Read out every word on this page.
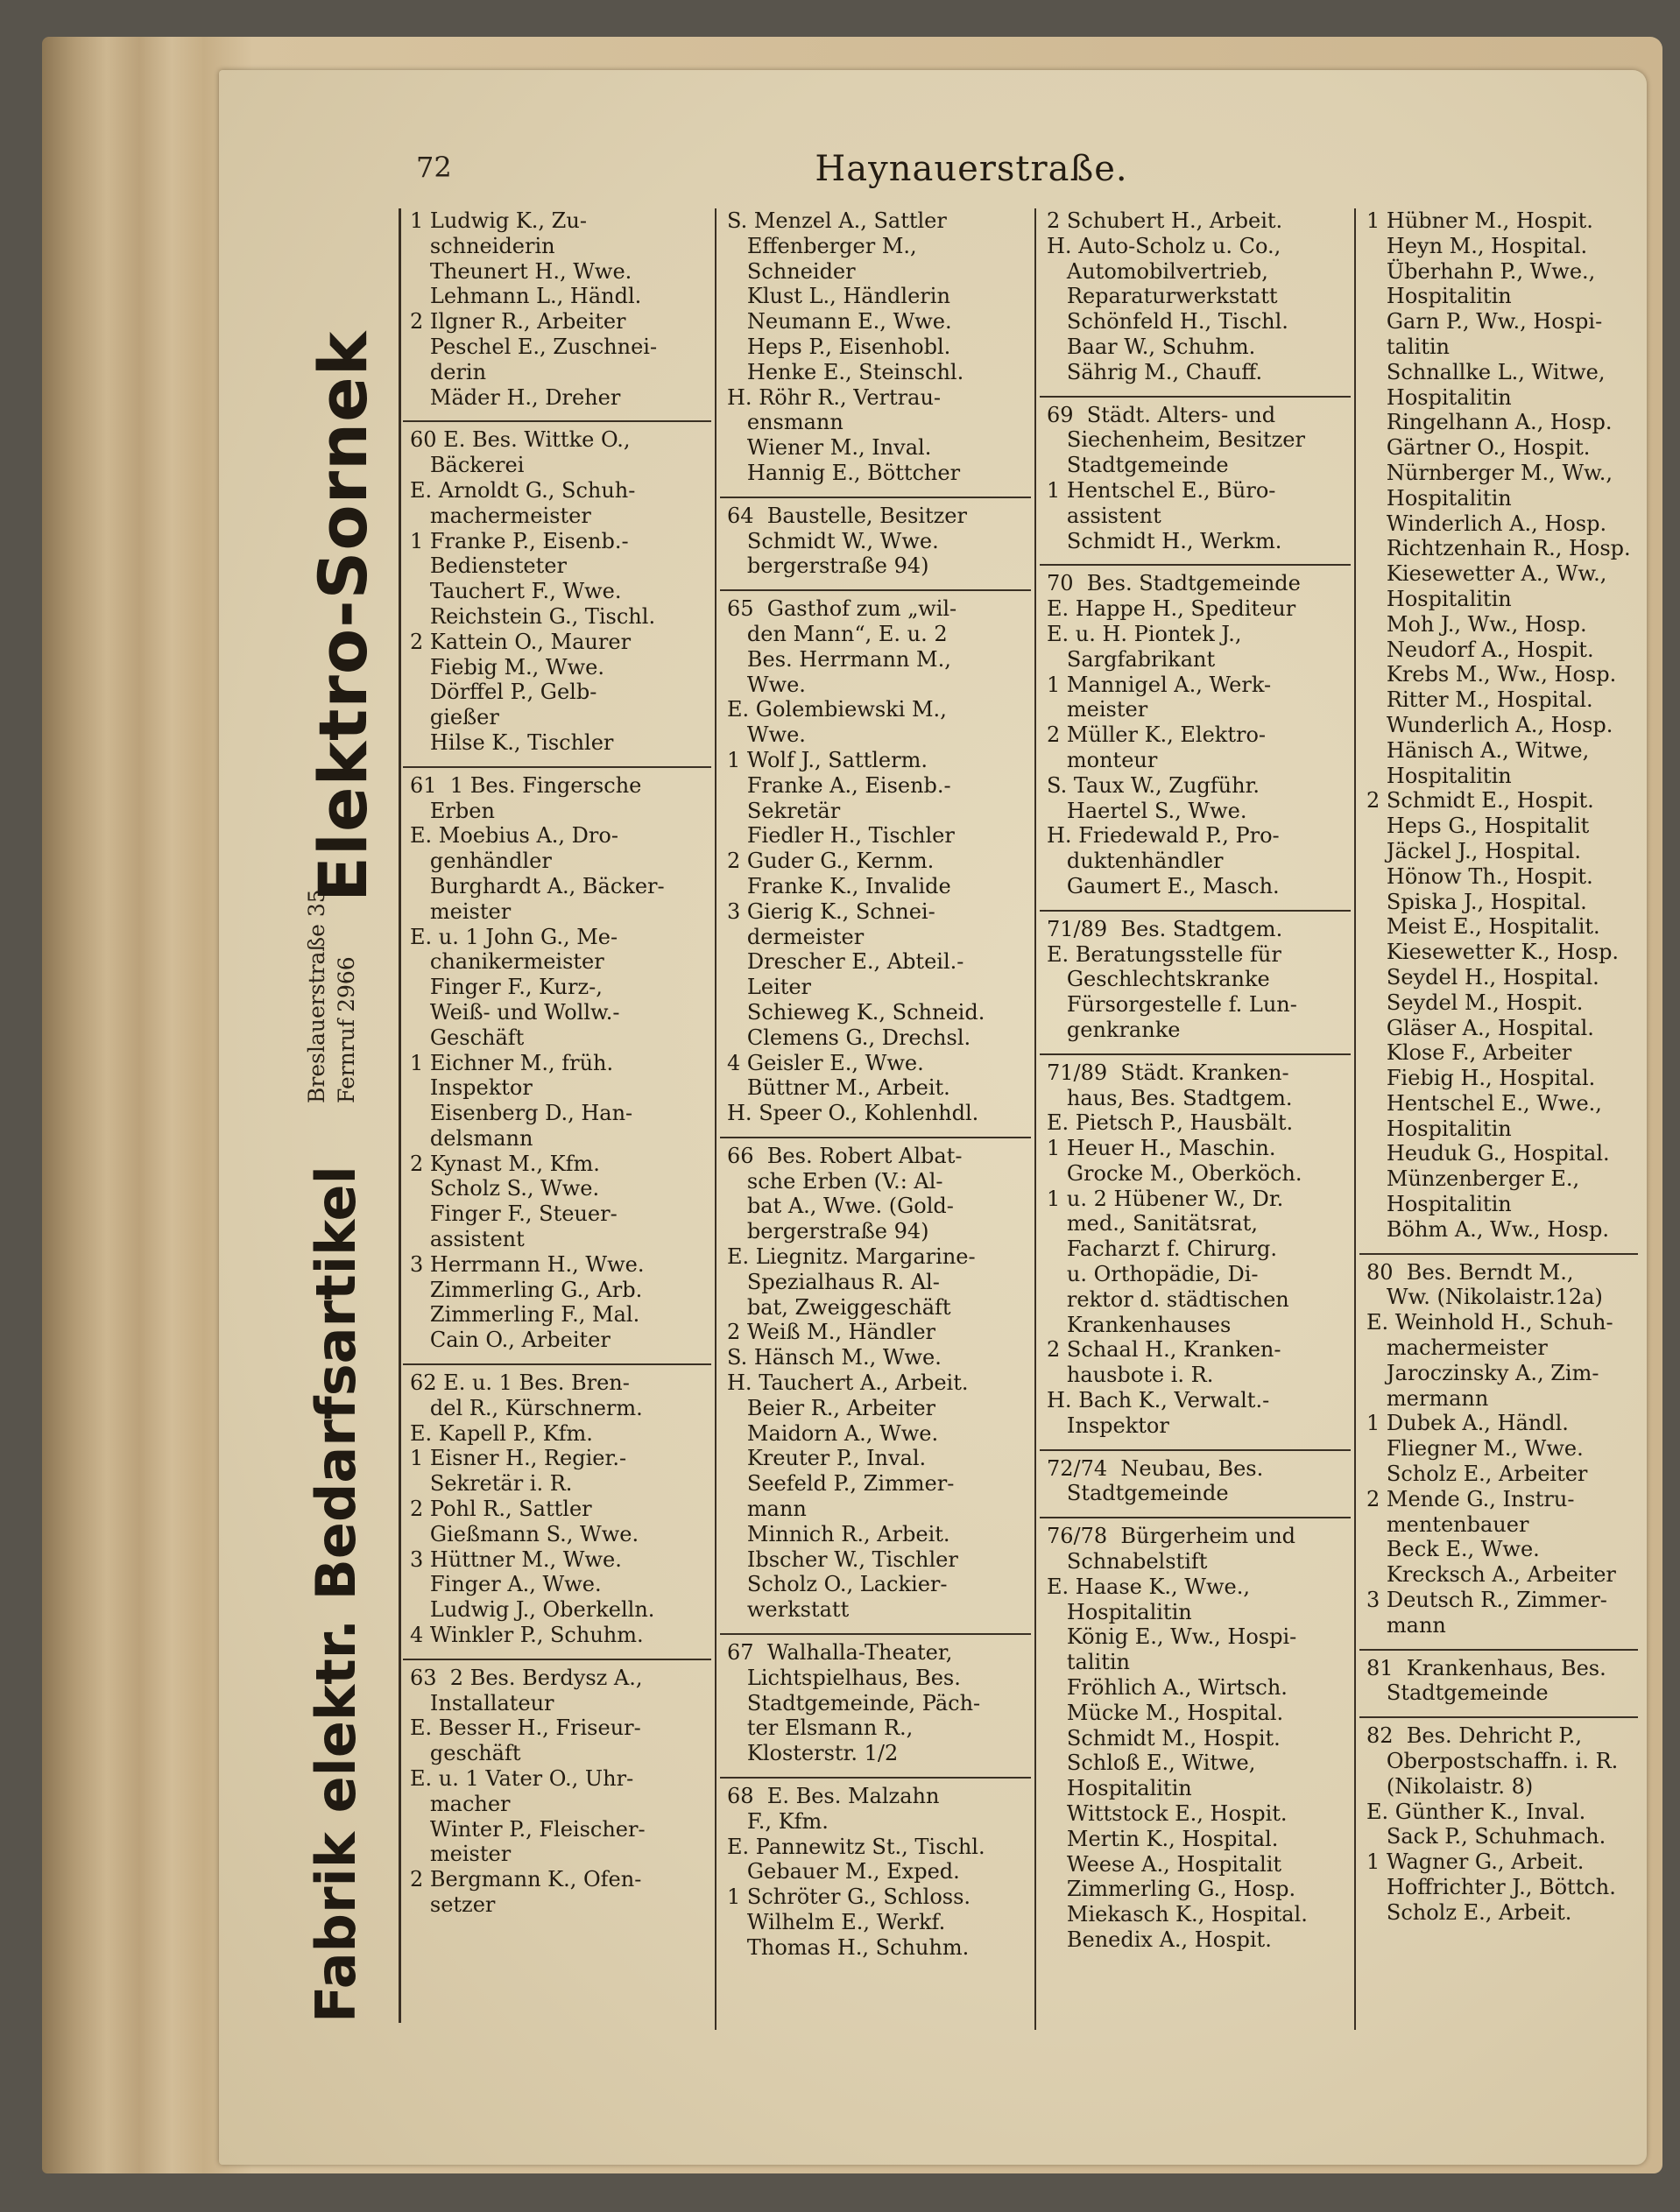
72	Haynauerstraße.
Fabrik elektr. Bedarfsartikel
Breslauerstraße 35 Fernruf 2966
Elektro-Sornek
1 Ludwig K., Zu-
schneiderin
Theunert H., Wwe.
Lehmann L., Händl.
2 Ilgner R., Arbeiter
Peschel E., Zuschnei-
derin
Mäder H., Dreher
60 E. Bes. Wittke O.,
Bäckerei
E. Arnoldt G., Schuh-
machermeister
1 Franke P., Eisenb.-
Bediensteter
Tauchert F., Wwe.
Reichstein G., Tischl.
2 Kattein O., Maurer
Fiebig M., Wwe.
Dörffel P., Gelb-
gießer
Hilse K., Tischler
61  1 Bes. Fingersche
Erben
E. Moebius A., Dro-
genhändler
Burghardt A., Bäcker-
meister
E. u. 1 John G., Me-
chanikermeister
Finger F., Kurz-,
Weiß- und Wollw.-
Geschäft
1 Eichner M., früh.
Inspektor
Eisenberg D., Han-
delsmann
2 Kynast M., Kfm.
Scholz S., Wwe.
Finger F., Steuer-
assistent
3 Herrmann H., Wwe.
Zimmerling G., Arb.
Zimmerling F., Mal.
Cain O., Arbeiter
62 E. u. 1 Bes. Bren-
del R., Kürschnerm.
E. Kapell P., Kfm.
1 Eisner H., Regier.-
Sekretär i. R.
2 Pohl R., Sattler
Gießmann S., Wwe.
3 Hüttner M., Wwe.
Finger A., Wwe.
Ludwig J., Oberkelln.
4 Winkler P., Schuhm.
63  2 Bes. Berdysz A.,
Installateur
E. Besser H., Friseur-
geschäft
E. u. 1 Vater O., Uhr-
macher
Winter P., Fleischer-
meister
2 Bergmann K., Ofen-
setzer
S. Menzel A., Sattler
Effenberger M.,
Schneider
Klust L., Händlerin
Neumann E., Wwe.
Heps P., Eisenhobl.
Henke E., Steinschl.
H. Röhr R., Vertrau-
ensmann
Wiener M., Inval.
Hannig E., Böttcher
64  Baustelle, Besitzer
Schmidt W., Wwe.
bergerstraße 94)
65  Gasthof zum „wil-
den Mann“, E. u. 2
Bes. Herrmann M.,
Wwe.
E. Golembiewski M.,
Wwe.
1 Wolf J., Sattlerm.
Franke A., Eisenb.-
Sekretär
Fiedler H., Tischler
2 Guder G., Kernm.
Franke K., Invalide
3 Gierig K., Schnei-
dermeister
Drescher E., Abteil.-
Leiter
Schieweg K., Schneid.
Clemens G., Drechsl.
4 Geisler E., Wwe.
Büttner M., Arbeit.
H. Speer O., Kohlenhdl.
66  Bes. Robert Albat-
sche Erben (V.: Al-
bat A., Wwe. (Gold-
bergerstraße 94)
E. Liegnitz. Margarine-
Spezialhaus R. Al-
bat, Zweiggeschäft
2 Weiß M., Händler
S. Hänsch M., Wwe.
H. Tauchert A., Arbeit.
Beier R., Arbeiter
Maidorn A., Wwe.
Kreuter P., Inval.
Seefeld P., Zimmer-
mann
Minnich R., Arbeit.
Ibscher W., Tischler
Scholz O., Lackier-
werkstatt
67  Walhalla-Theater,
Lichtspielhaus, Bes.
Stadtgemeinde, Päch-
ter Elsmann R.,
Klosterstr. 1/2
68  E. Bes. Malzahn
F., Kfm.
E. Pannewitz St., Tischl.
Gebauer M., Exped.
1 Schröter G., Schloss.
Wilhelm E., Werkf.
Thomas H., Schuhm.
2 Schubert H., Arbeit.
H. Auto-Scholz u. Co.,
Automobilvertrieb,
Reparaturwerkstatt
Schönfeld H., Tischl.
Baar W., Schuhm.
Sährig M., Chauff.
69  Städt. Alters- und
Siechenheim, Besitzer
Stadtgemeinde
1 Hentschel E., Büro-
assistent
Schmidt H., Werkm.
70  Bes. Stadtgemeinde
E. Happe H., Spediteur
E. u. H. Piontek J.,
Sargfabrikant
1 Mannigel A., Werk-
meister
2 Müller K., Elektro-
monteur
S. Taux W., Zugführ.
Haertel S., Wwe.
H. Friedewald P., Pro-
duktenhändler
Gaumert E., Masch.
71/89  Bes. Stadtgem.
E. Beratungsstelle für
Geschlechtskranke
Fürsorgestelle f. Lun-
genkranke
71/89  Städt. Kranken-
haus, Bes. Stadtgem.
E. Pietsch P., Hausbält.
1 Heuer H., Maschin.
Grocke M., Oberköch.
1 u. 2 Hübener W., Dr.
med., Sanitätsrat,
Facharzt f. Chirurg.
u. Orthopädie, Di-
rektor d. städtischen
Krankenhauses
2 Schaal H., Kranken-
hausbote i. R.
H. Bach K., Verwalt.-
Inspektor
72/74  Neubau, Bes.
Stadtgemeinde
76/78  Bürgerheim und
Schnabelstift
E. Haase K., Wwe.,
Hospitalitin
König E., Ww., Hospi-
talitin
Fröhlich A., Wirtsch.
Mücke M., Hospital.
Schmidt M., Hospit.
Schloß E., Witwe,
Hospitalitin
Wittstock E., Hospit.
Mertin K., Hospital.
Weese A., Hospitalit
Zimmerling G., Hosp.
Miekasch K., Hospital.
Benedix A., Hospit.
1 Hübner M., Hospit.
Heyn M., Hospital.
Überhahn P., Wwe.,
Hospitalitin
Garn P., Ww., Hospi-
talitin
Schnallke L., Witwe,
Hospitalitin
Ringelhann A., Hosp.
Gärtner O., Hospit.
Nürnberger M., Ww.,
Hospitalitin
Winderlich A., Hosp.
Richtzenhain R., Hosp.
Kiesewetter A., Ww.,
Hospitalitin
Moh J., Ww., Hosp.
Neudorf A., Hospit.
Krebs M., Ww., Hosp.
Ritter M., Hospital.
Wunderlich A., Hosp.
Hänisch A., Witwe,
Hospitalitin
2 Schmidt E., Hospit.
Heps G., Hospitalit
Jäckel J., Hospital.
Hönow Th., Hospit.
Spiska J., Hospital.
Meist E., Hospitalit.
Kiesewetter K., Hosp.
Seydel H., Hospital.
Seydel M., Hospit.
Gläser A., Hospital.
Klose F., Arbeiter
Fiebig H., Hospital.
Hentschel E., Wwe.,
Hospitalitin
Heuduk G., Hospital.
Münzenberger E.,
Hospitalitin
Böhm A., Ww., Hosp.
80  Bes. Berndt M.,
Ww. (Nikolaistr.12a)
E. Weinhold H., Schuh-
machermeister
Jaroczinsky A., Zim-
mermann
1 Dubek A., Händl.
Fliegner M., Wwe.
Scholz E., Arbeiter
2 Mende G., Instru-
mentenbauer
Beck E., Wwe.
Krecksch A., Arbeiter
3 Deutsch R., Zimmer-
mann
81  Krankenhaus, Bes.
Stadtgemeinde
82  Bes. Dehricht P.,
Oberpostschaffn. i. R.
(Nikolaistr. 8)
E. Günther K., Inval.
Sack P., Schuhmach.
1 Wagner G., Arbeit.
Hoffrichter J., Böttch.
Scholz E., Arbeit.
